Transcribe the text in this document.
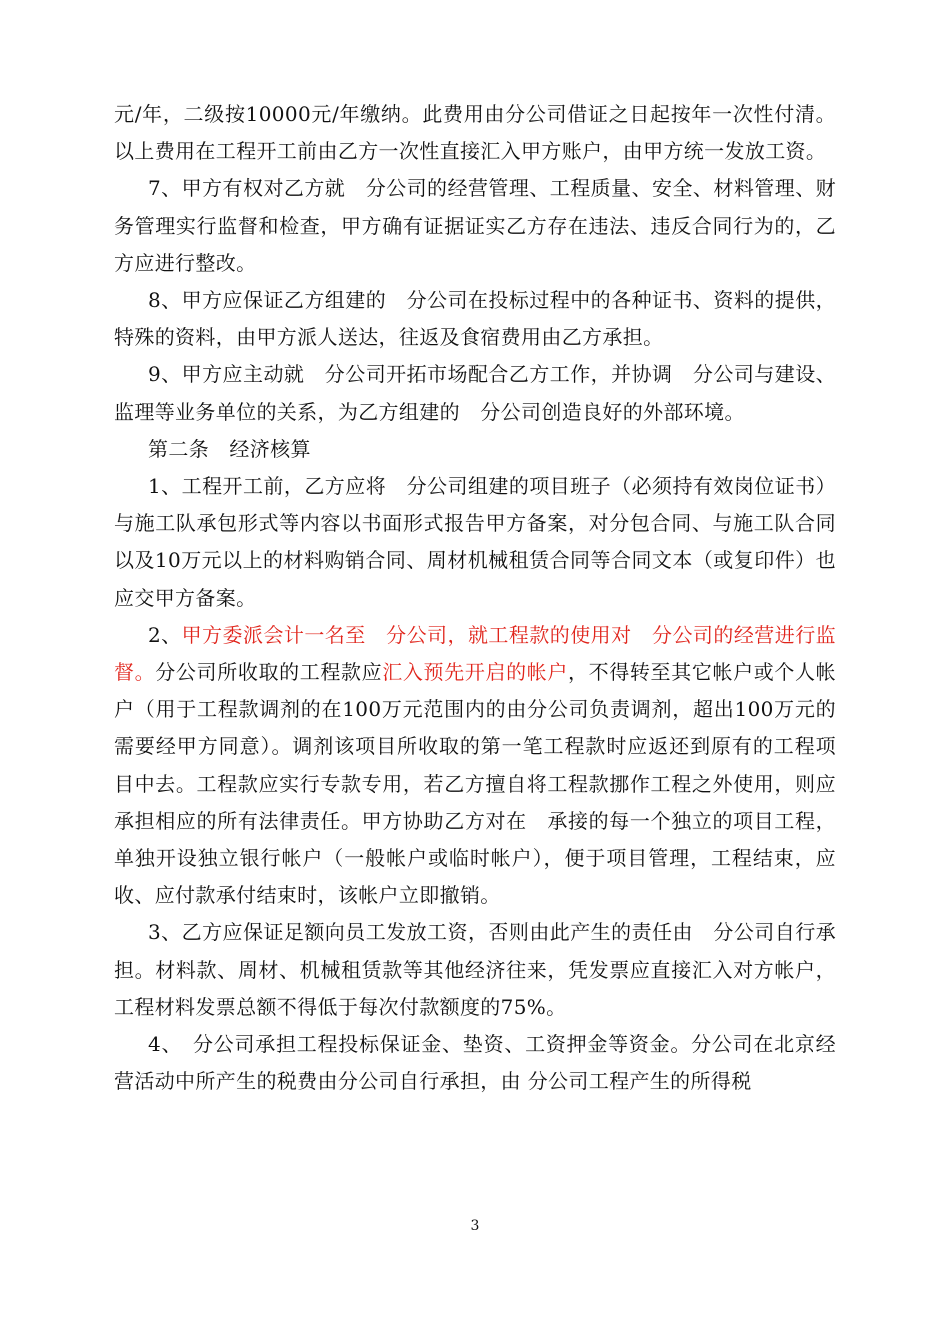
元/年，二级按10000元/年缴纳。此费用由分公司借证之日起按年一次性付清。以上费用在工程开工前由乙方一次性直接汇入甲方账户，由甲方统一发放工资。

7、甲方有权对乙方就　分公司的经营管理、工程质量、安全、材料管理、财务管理实行监督和检查，甲方确有证据证实乙方存在违法、违反合同行为的，乙方应进行整改。

8、甲方应保证乙方组建的　分公司在投标过程中的各种证书、资料的提供，特殊的资料，由甲方派人送达，往返及食宿费用由乙方承担。

9、甲方应主动就　分公司开拓市场配合乙方工作，并协调　分公司与建设、监理等业务单位的关系，为乙方组建的　分公司创造良好的外部环境。

第二条　经济核算

1、工程开工前，乙方应将　分公司组建的项目班子（必须持有效岗位证书）与施工队承包形式等内容以书面形式报告甲方备案，对分包合同、与施工队合同以及10万元以上的材料购销合同、周材机械租赁合同等合同文本（或复印件）也应交甲方备案。

2、甲方委派会计一名至　分公司，就工程款的使用对　分公司的经营进行监督。分公司所收取的工程款应汇入预先开启的帐户，不得转至其它帐户或个人帐户（用于工程款调剂的在100万元范围内的由分公司负责调剂，超出100万元的需要经甲方同意）。调剂该项目所收取的第一笔工程款时应返还到原有的工程项目中去。工程款应实行专款专用，若乙方擅自将工程款挪作工程之外使用，则应承担相应的所有法律责任。甲方协助乙方对在　承接的每一个独立的项目工程，单独开设独立银行帐户（一般帐户或临时帐户），便于项目管理，工程结束，应收、应付款承付结束时，该帐户立即撤销。

3、乙方应保证足额向员工发放工资，否则由此产生的责任由　分公司自行承担。材料款、周材、机械租赁款等其他经济往来，凭发票应直接汇入对方帐户，工程材料发票总额不得低于每次付款额度的75%。

4、　分公司承担工程投标保证金、垫资、工资押金等资金。分公司在北京经营活动中所产生的税费由分公司自行承担，由 分公司工程产生的所得税

3
